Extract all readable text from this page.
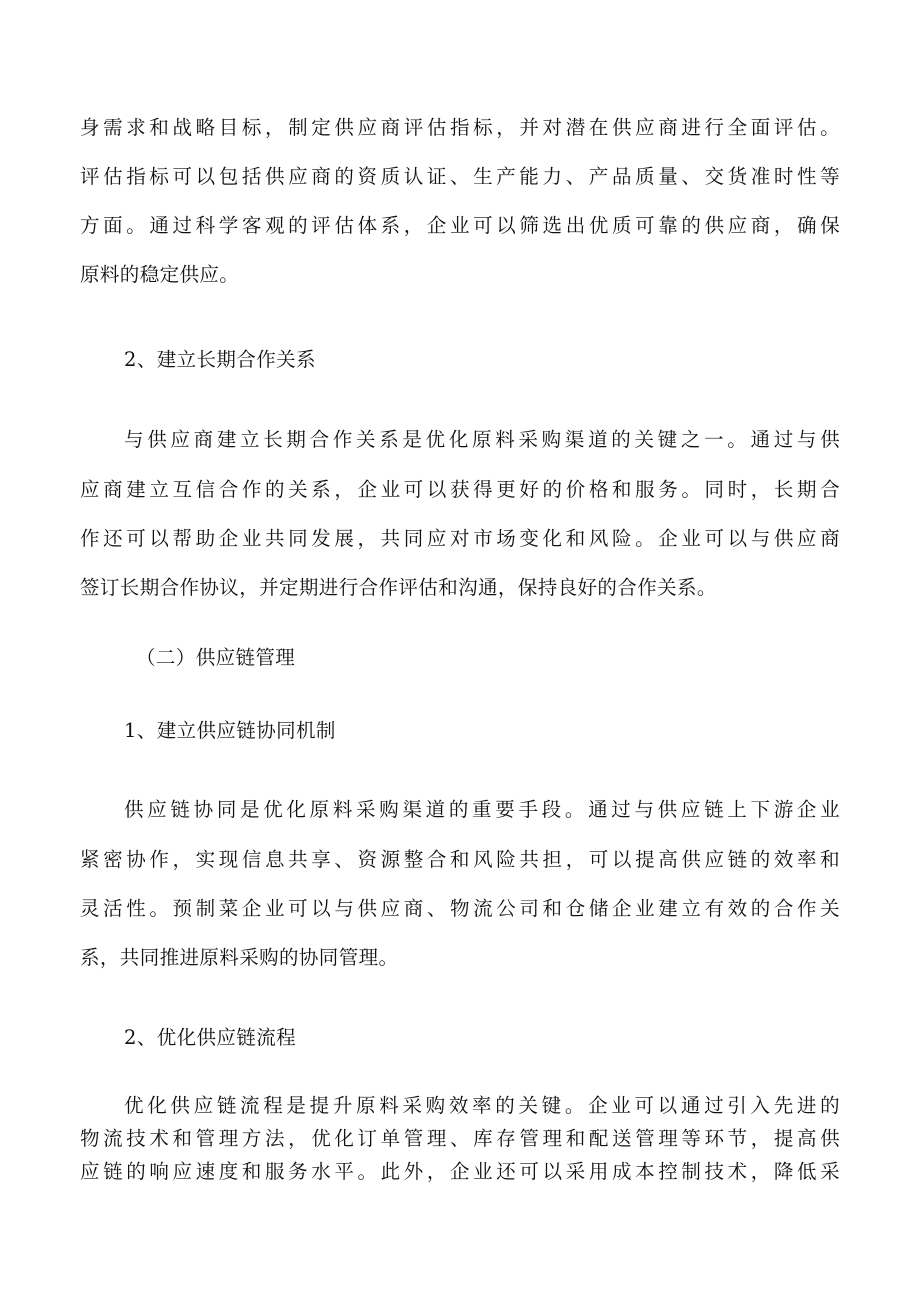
身需求和战略目标，制定供应商评估指标，并对潜在供应商进行全面评估。
评估指标可以包括供应商的资质认证、生产能力、产品质量、交货准时性等
方面。通过科学客观的评估体系，企业可以筛选出优质可靠的供应商，确保
原料的稳定供应。
2、建立长期合作关系
与供应商建立长期合作关系是优化原料采购渠道的关键之一。通过与供
应商建立互信合作的关系，企业可以获得更好的价格和服务。同时，长期合
作还可以帮助企业共同发展，共同应对市场变化和风险。企业可以与供应商
签订长期合作协议，并定期进行合作评估和沟通，保持良好的合作关系。
（二）供应链管理
1、建立供应链协同机制
供应链协同是优化原料采购渠道的重要手段。通过与供应链上下游企业
紧密协作，实现信息共享、资源整合和风险共担，可以提高供应链的效率和
灵活性。预制菜企业可以与供应商、物流公司和仓储企业建立有效的合作关
系，共同推进原料采购的协同管理。
2、优化供应链流程
优化供应链流程是提升原料采购效率的关键。企业可以通过引入先进的
物流技术和管理方法，优化订单管理、库存管理和配送管理等环节，提高供
应链的响应速度和服务水平。此外，企业还可以采用成本控制技术，降低采
